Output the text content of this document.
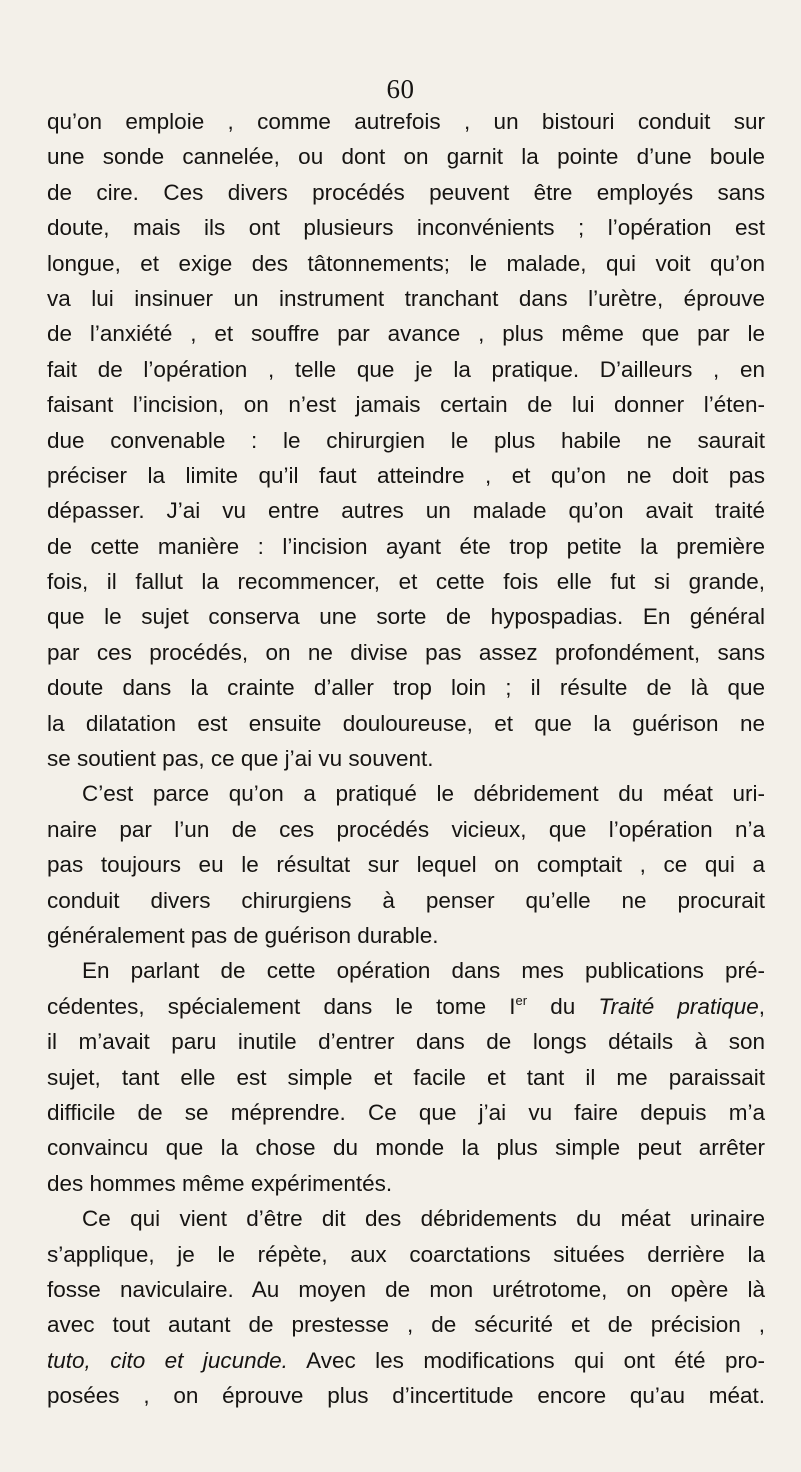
60
qu’on emploie , comme autrefois , un bistouri conduit sur
une sonde cannelée, ou dont on garnit la pointe d’une boule
de cire. Ces divers procédés peuvent être employés sans
doute, mais ils ont plusieurs inconvénients ; l’opération est
longue, et exige des tâtonnements; le malade, qui voit qu’on
va lui insinuer un instrument tranchant dans l’urètre, éprouve
de l’anxiété , et souffre par avance , plus même que par le
fait de l’opération , telle que je la pratique. D’ailleurs , en
faisant l’incision, on n’est jamais certain de lui donner l’éten-
due convenable : le chirurgien le plus habile ne saurait
préciser la limite qu’il faut atteindre , et qu’on ne doit pas
dépasser. J’ai vu entre autres un malade qu’on avait traité
de cette manière : l’incision ayant éte trop petite la première
fois, il fallut la recommencer, et cette fois elle fut si grande,
que le sujet conserva une sorte de hypospadias. En général
par ces procédés, on ne divise pas assez profondément, sans
doute dans la crainte d’aller trop loin ; il résulte de là que
la dilatation est ensuite douloureuse, et que la guérison ne
se soutient pas, ce que j’ai vu souvent.
C’est parce qu’on a pratiqué le débridement du méat uri-
naire par l’un de ces procédés vicieux, que l’opération n’a
pas toujours eu le résultat sur lequel on comptait , ce qui a
conduit divers chirurgiens à penser qu’elle ne procurait
généralement pas de guérison durable.
En parlant de cette opération dans mes publications pré-
cédentes, spécialement dans le tome Ier du Traité pratique,
il m’avait paru inutile d’entrer dans de longs détails à son
sujet, tant elle est simple et facile et tant il me paraissait
difficile de se méprendre. Ce que j’ai vu faire depuis m’a
convaincu que la chose du monde la plus simple peut arrêter
des hommes même expérimentés.
Ce qui vient d’être dit des débridements du méat urinaire
s’applique, je le répète, aux coarctations situées derrière la
fosse naviculaire. Au moyen de mon urétrotome, on opère là
avec tout autant de prestesse , de sécurité et de précision ,
tuto, cito et jucunde. Avec les modifications qui ont été pro-
posées , on éprouve plus d’incertitude encore qu’au méat.
